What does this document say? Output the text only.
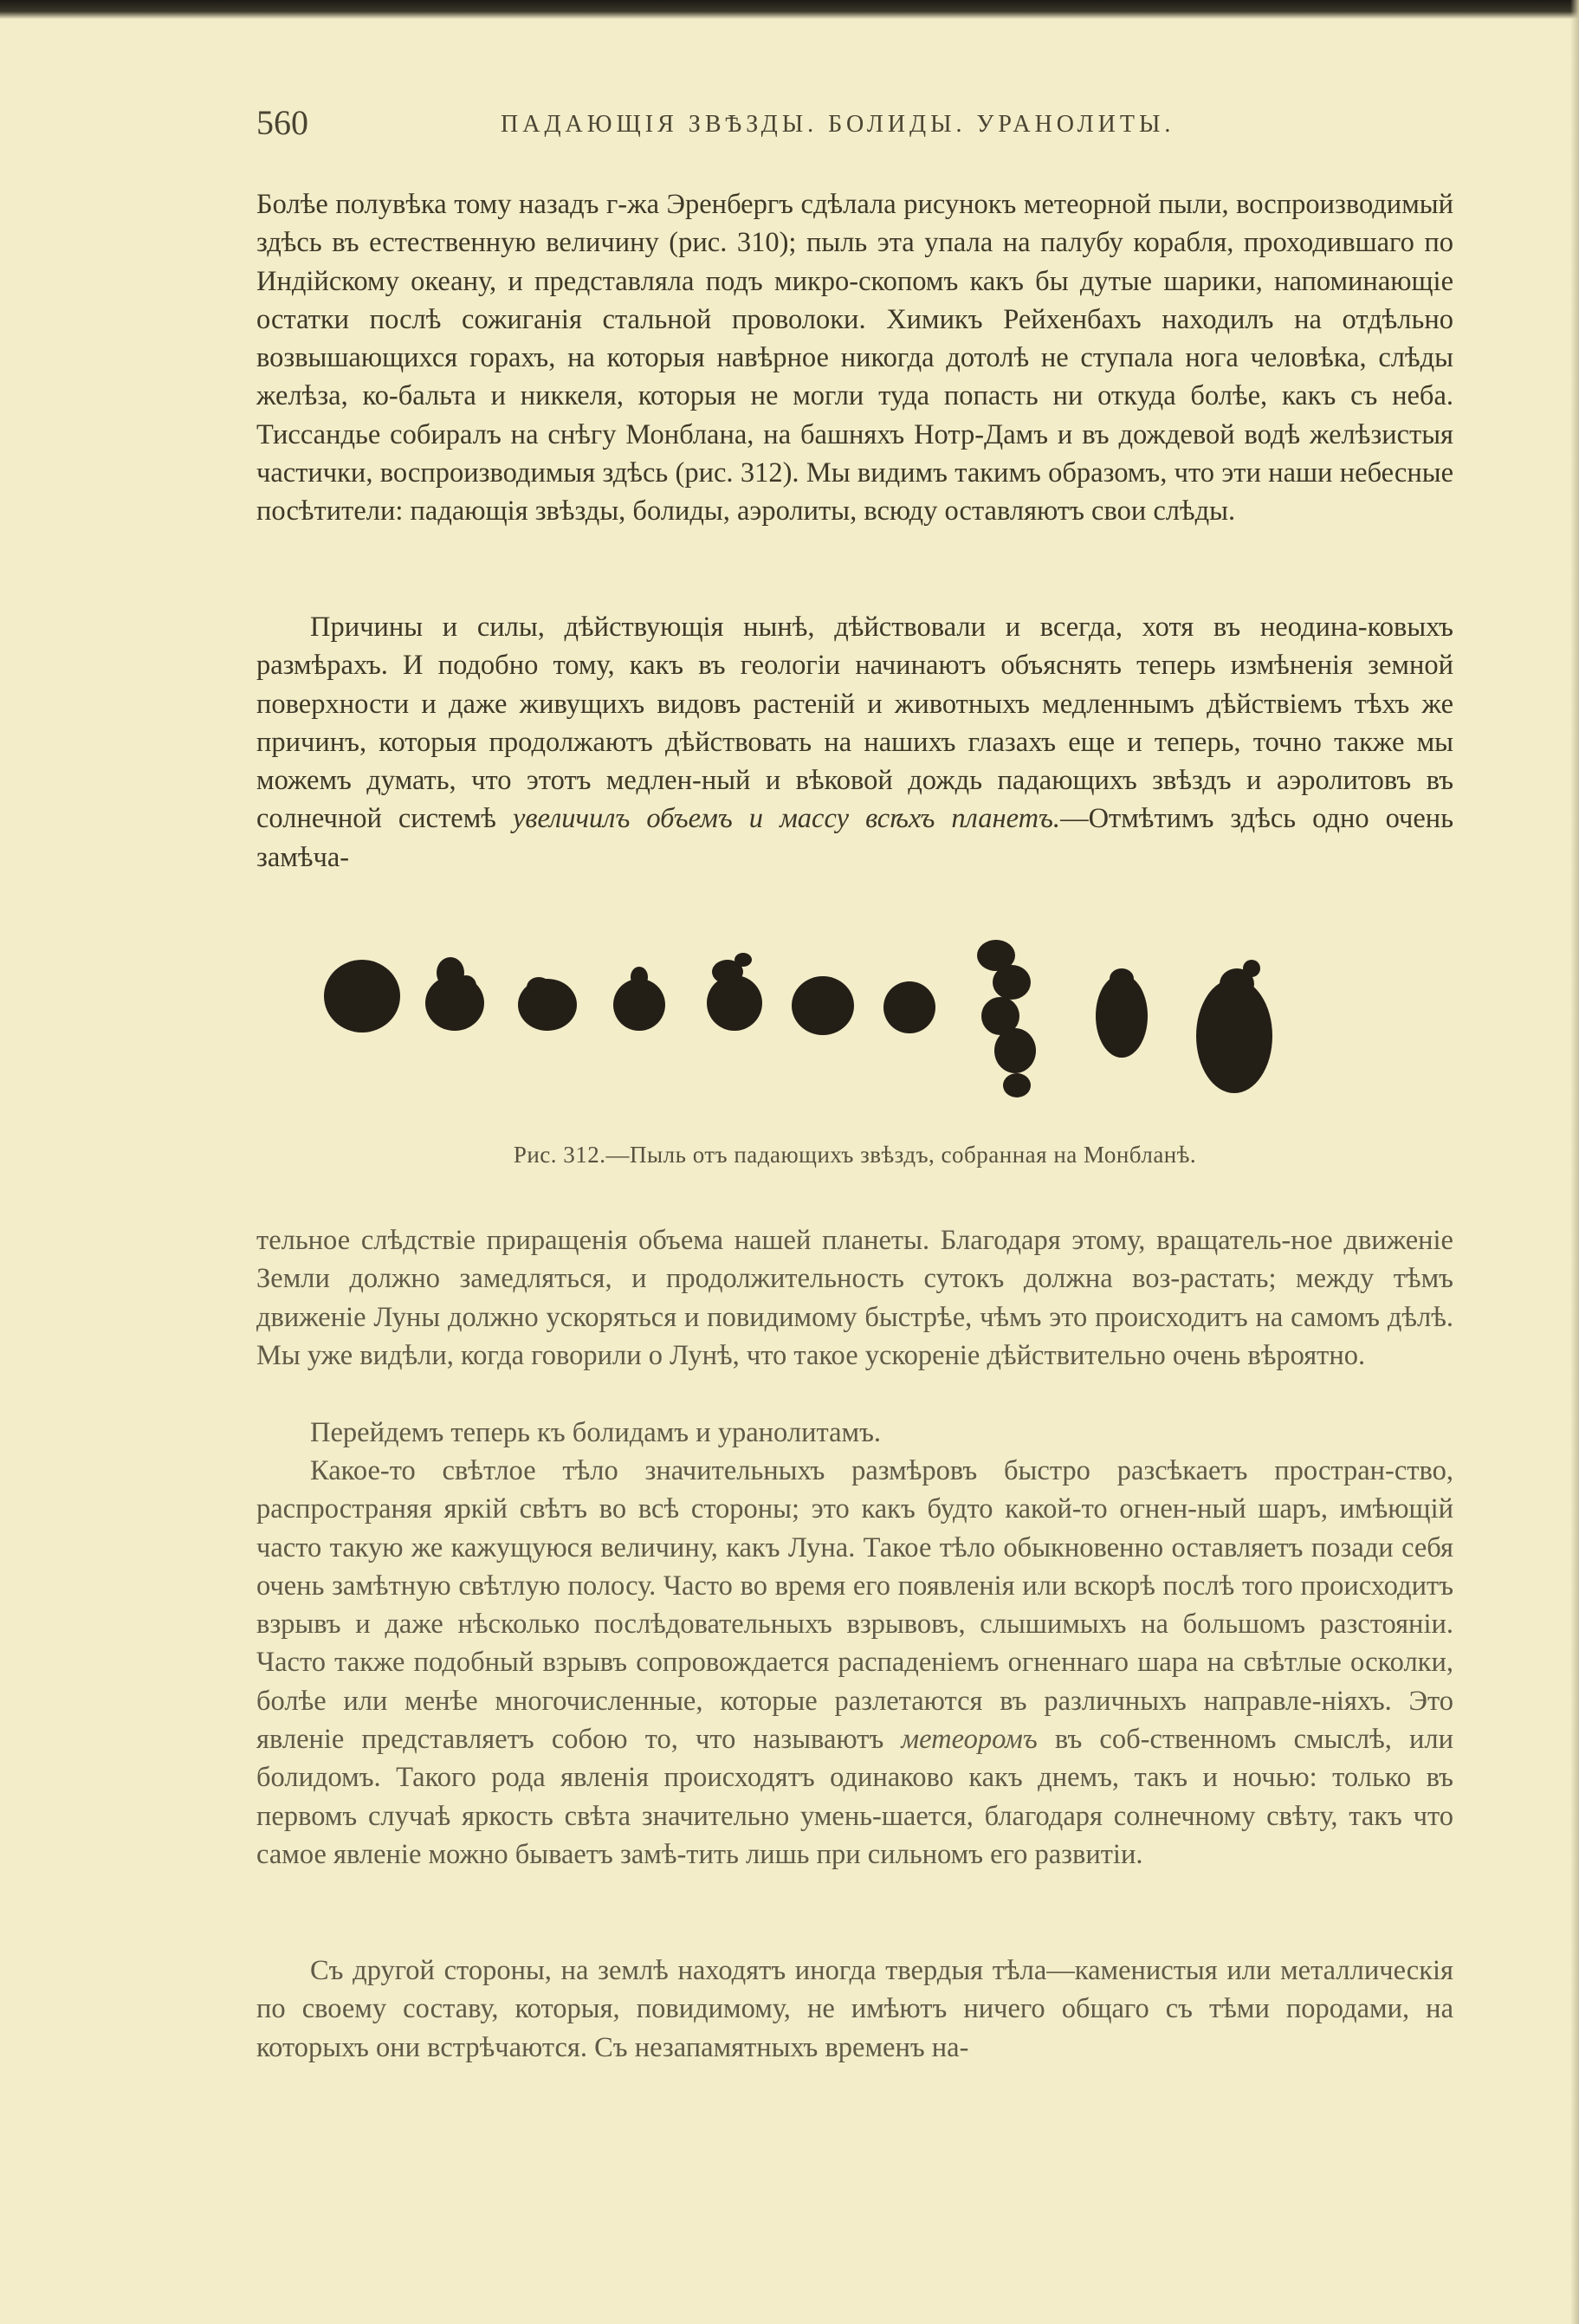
560	ПАДАЮЩІЯ ЗВѢЗДЫ. БОЛИДЫ. УРАНОЛИТЫ.

Болѣе полувѣка тому назадъ г-жа Эренбергъ сдѣлала рисунокъ метеорной пыли, воспроизводимый здѣсь въ естественную величину (рис. 310); пыль эта упала на палубу корабля, проходившаго по Индійскому океану, и представляла подъ микро-скопомъ какъ бы дутые шарики, напоминающіе остатки послѣ сожиганія стальной проволоки. Химикъ Рейхенбахъ находилъ на отдѣльно возвышающихся горахъ, на которыя навѣрное никогда дотолѣ не ступала нога человѣка, слѣды желѣза, ко-бальта и никкеля, которыя не могли туда попасть ни откуда болѣе, какъ съ неба. Тиссандье собиралъ на снѣгу Монблана, на башняхъ Нотр-Дамъ и въ дождевой водѣ желѣзистыя частички, воспроизводимыя здѣсь (рис. 312). Мы видимъ такимъ образомъ, что эти наши небесные посѣтители: падающія звѣзды, болиды, аэролиты, всюду оставляютъ свои слѣды.

Причины и силы, дѣйствующія нынѣ, дѣйствовали и всегда, хотя въ неодина-ковыхъ размѣрахъ. И подобно тому, какъ въ геологіи начинаютъ объяснять теперь измѣненія земной поверхности и даже живущихъ видовъ растеній и животныхъ медленнымъ дѣйствіемъ тѣхъ же причинъ, которыя продолжаютъ дѣйствовать на нашихъ глазахъ еще и теперь, точно также мы можемъ думать, что этотъ медлен-ный и вѣковой дождь падающихъ звѣздъ и аэролитовъ въ солнечной системѣ увеличилъ объемъ и массу всѣхъ планетъ.—Отмѣтимъ здѣсь одно очень замѣча-

Рис. 312.—Пыль отъ падающихъ звѣздъ, собранная на Монбланѣ.

тельное слѣдствіе приращенія объема нашей планеты. Благодаря этому, вращатель-ное движеніе Земли должно замедляться, и продолжительность сутокъ должна воз-растать; между тѣмъ движеніе Луны должно ускоряться и повидимому быстрѣе, чѣмъ это происходитъ на самомъ дѣлѣ. Мы уже видѣли, когда говорили о Лунѣ, что такое ускореніе дѣйствительно очень вѣроятно.

Перейдемъ теперь къ болидамъ и уранолитамъ.

Какое-то свѣтлое тѣло значительныхъ размѣровъ быстро разсѣкаетъ простран-ство, распространяя яркій свѣтъ во всѣ стороны; это какъ будто какой-то огнен-ный шаръ, имѣющій часто такую же кажущуюся величину, какъ Луна. Такое тѣло обыкновенно оставляетъ позади себя очень замѣтную свѣтлую полосу. Часто во время его появленія или вскорѣ послѣ того происходитъ взрывъ и даже нѣсколько послѣдовательныхъ взрывовъ, слышимыхъ на большомъ разстояніи. Часто также подобный взрывъ сопровождается распаденіемъ огненнаго шара на свѣтлые осколки, болѣе или менѣе многочисленные, которые разлетаются въ различныхъ направле-ніяхъ. Это явленіе представляетъ собою то, что называютъ метеоромъ въ соб-ственномъ смыслѣ, или болидомъ. Такого рода явленія происходятъ одинаково какъ днемъ, такъ и ночью: только въ первомъ случаѣ яркость свѣта значительно умень-шается, благодаря солнечному свѣту, такъ что самое явленіе можно бываетъ замѣ-тить лишь при сильномъ его развитіи.

Съ другой стороны, на землѣ находятъ иногда твердыя тѣла—каменистыя или металлическія по своему составу, которыя, повидимому, не имѣютъ ничего общаго съ тѣми породами, на которыхъ они встрѣчаются. Съ незапамятныхъ временъ на-
